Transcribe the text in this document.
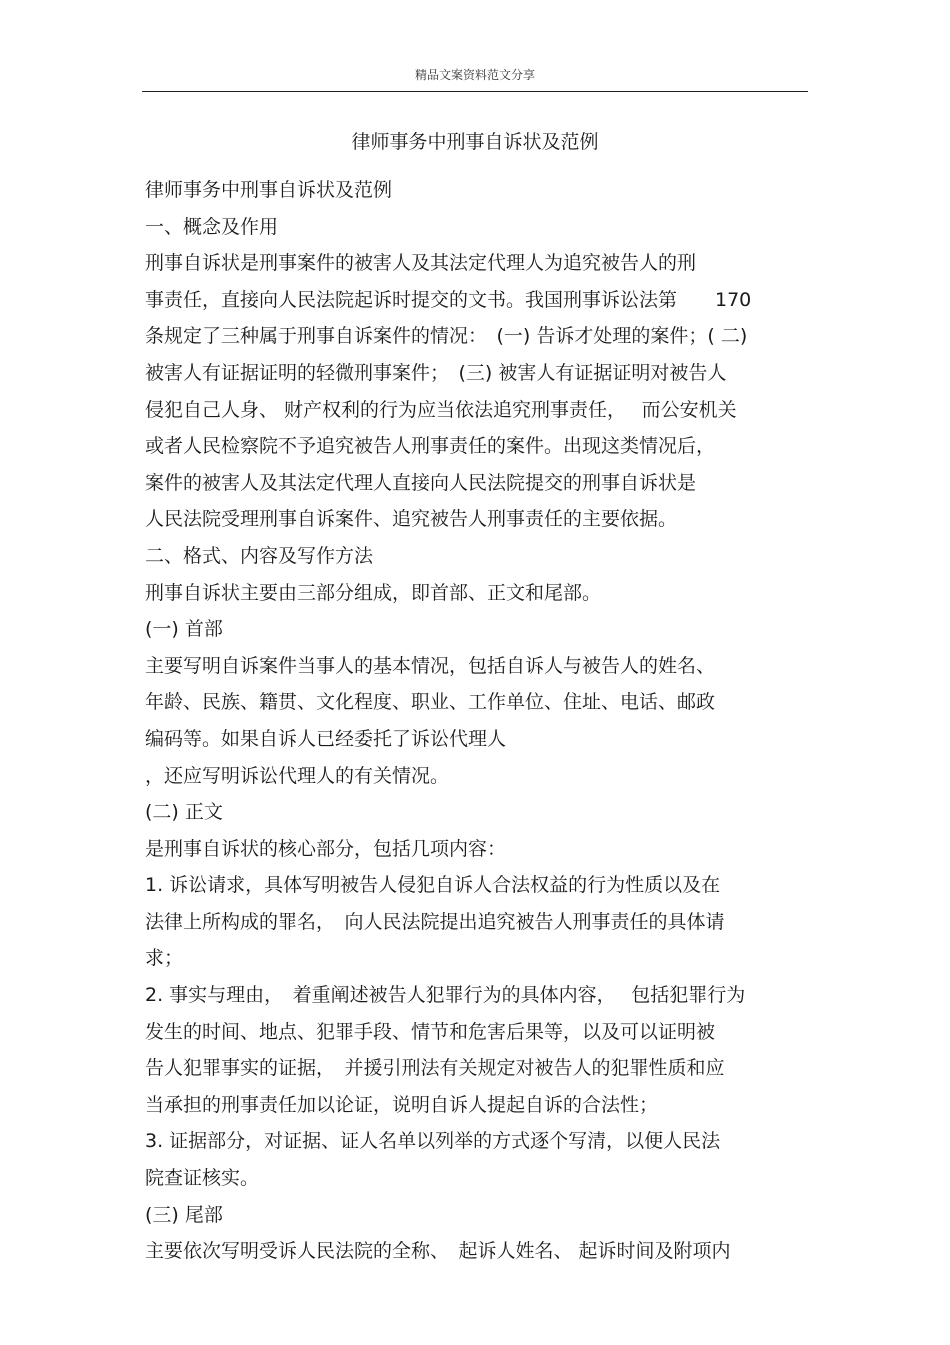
精品文案资料范文分享
律师事务中刑事自诉状及范例
律师事务中刑事自诉状及范例
一、概念及作用
刑事自诉状是刑事案件的被害人及其法定代理人为追究被告人的刑
事责任，直接向人民法院起诉时提交的文书。我国刑事诉讼法第　　170
条规定了三种属于刑事自诉案件的情况：　(一) 告诉才处理的案件；( 二)
被害人有证据证明的轻微刑事案件；　(三) 被害人有证据证明对被告人
侵犯自己人身、 财产权利的行为应当依法追究刑事责任，　 而公安机关
或者人民检察院不予追究被告人刑事责任的案件。出现这类情况后，
案件的被害人及其法定代理人直接向人民法院提交的刑事自诉状是
人民法院受理刑事自诉案件、追究被告人刑事责任的主要依据。
二、格式、内容及写作方法
刑事自诉状主要由三部分组成，即首部、正文和尾部。
(一) 首部
主要写明自诉案件当事人的基本情况，包括自诉人与被告人的姓名、
年龄、民族、籍贯、文化程度、职业、工作单位、住址、电话、邮政
编码等。如果自诉人已经委托了诉讼代理人
，还应写明诉讼代理人的有关情况。
(二) 正文
是刑事自诉状的核心部分，包括几项内容：
1. 诉讼请求，具体写明被告人侵犯自诉人合法权益的行为性质以及在
法律上所构成的罪名，　向人民法院提出追究被告人刑事责任的具体请
求；
2. 事实与理由，　着重阐述被告人犯罪行为的具体内容，　 包括犯罪行为
发生的时间、地点、犯罪手段、情节和危害后果等，以及可以证明被
告人犯罪事实的证据，　并援引刑法有关规定对被告人的犯罪性质和应
当承担的刑事责任加以论证，说明自诉人提起自诉的合法性；
3. 证据部分，对证据、证人名单以列举的方式逐个写清，以便人民法
院查证核实。
(三) 尾部
主要依次写明受诉人民法院的全称、　起诉人姓名、 起诉时间及附项内
